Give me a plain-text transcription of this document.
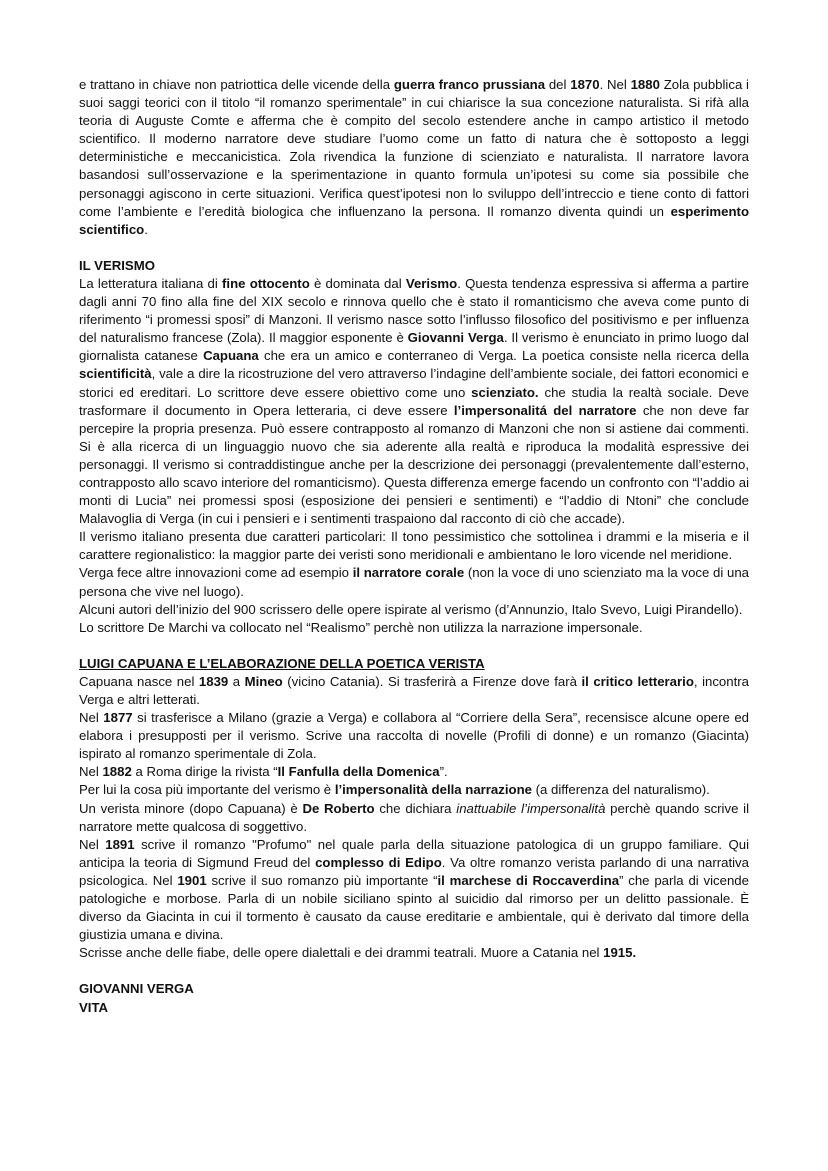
e trattano in chiave non patriottica delle vicende della guerra franco prussiana del 1870. Nel 1880 Zola pubblica i suoi saggi teorici con il titolo “il romanzo sperimentale” in cui chiarisce la sua concezione naturalista. Si rifà alla teoria di Auguste Comte e afferma che è compito del secolo estendere anche in campo artistico il metodo scientifico. Il moderno narratore deve studiare l’uomo come un fatto di natura che è sottoposto a leggi deterministiche e meccanicistica. Zola rivendica la funzione di scienziato e naturalista. Il narratore lavora basandosi sull’osservazione e la sperimentazione in quanto formula un’ipotesi su come sia possibile che personaggi agiscono in certe situazioni. Verifica quest’ipotesi non lo sviluppo dell’intreccio e tiene conto di fattori come l’ambiente e l’eredità biologica che influenzano la persona. Il romanzo diventa quindi un esperimento scientifico.

IL VERISMO

La letteratura italiana di fine ottocento è dominata dal Verismo. Questa tendenza espressiva si afferma a partire dagli anni 70 fino alla fine del XIX secolo e rinnova quello che è stato il romanticismo che aveva come punto di riferimento “i promessi sposi” di Manzoni. Il verismo nasce sotto l’influsso filosofico del positivismo e per influenza del naturalismo francese (Zola). Il maggior esponente è Giovanni Verga. Il verismo è enunciato in primo luogo dal giornalista catanese Capuana che era un amico e conterraneo di Verga. La poetica consiste nella ricerca della scientificità, vale a dire la ricostruzione del vero attraverso l’indagine dell’ambiente sociale, dei fattori economici e storici ed ereditari. Lo scrittore deve essere obiettivo come uno scienziato. che studia la realtà sociale. Deve trasformare il documento in Opera letteraria, ci deve essere l’impersonalitá del narratore che non deve far percepire la propria presenza. Può essere contrapposto al romanzo di Manzoni che non si astiene dai commenti. Si è alla ricerca di un linguaggio nuovo che sia aderente alla realtà e riproduca la modalità espressive dei personaggi. Il verismo si contraddistingue anche per la descrizione dei personaggi (prevalentemente dall’esterno, contrapposto allo scavo interiore del romanticismo). Questa differenza emerge facendo un confronto con “l’addio ai monti di Lucia” nei promessi sposi (esposizione dei pensieri e sentimenti) e “l’addio di Ntoni” che conclude Malavoglia di Verga (in cui i pensieri e i sentimenti traspaiono dal racconto di ciò che accade).

Il verismo italiano presenta due caratteri particolari: Il tono pessimistico che sottolinea i drammi e la miseria e il carattere regionalistico: la maggior parte dei veristi sono meridionali e ambientano le loro vicende nel meridione.

Verga fece altre innovazioni come ad esempio il narratore corale (non la voce di uno scienziato ma la voce di una persona che vive nel luogo).

Alcuni autori dell’inizio del 900 scrissero delle opere ispirate al verismo (d’Annunzio, Italo Svevo, Luigi Pirandello).

Lo scrittore De Marchi va collocato nel “Realismo” perchè non utilizza la narrazione impersonale.

LUIGI CAPUANA E L’ELABORAZIONE DELLA POETICA VERISTA

Capuana nasce nel 1839 a Mineo (vicino Catania). Si trasferirà a Firenze dove farà il critico letterario, incontra Verga e altri letterati.

Nel 1877 si trasferisce a Milano (grazie a Verga) e collabora al “Corriere della Sera”, recensisce alcune opere ed elabora i presupposti per il verismo. Scrive una raccolta di novelle (Profili di donne) e un romanzo (Giacinta) ispirato al romanzo sperimentale di Zola.

Nel 1882 a Roma dirige la rivista “Il Fanfulla della Domenica”.

Per lui la cosa più importante del verismo è l’impersonalità della narrazione (a differenza del naturalismo).

Un verista minore (dopo Capuana) è De Roberto che dichiara inattuabile l’impersonalità perchè quando scrive il narratore mette qualcosa di soggettivo.

Nel 1891 scrive il romanzo "Profumo" nel quale parla della situazione patologica di un gruppo familiare. Qui anticipa la teoria di Sigmund Freud del complesso di Edipo. Va oltre romanzo verista parlando di una narrativa psicologica. Nel 1901 scrive il suo romanzo più importante “il marchese di Roccaverdina” che parla di vicende patologiche e morbose. Parla di un nobile siciliano spinto al suicidio dal rimorso per un delitto passionale. È diverso da Giacinta in cui il tormento è causato da cause ereditarie e ambientale, qui è derivato dal timore della giustizia umana e divina.

Scrisse anche delle fiabe, delle opere dialettali e dei drammi teatrali. Muore a Catania nel 1915.

GIOVANNI VERGA
VITA
